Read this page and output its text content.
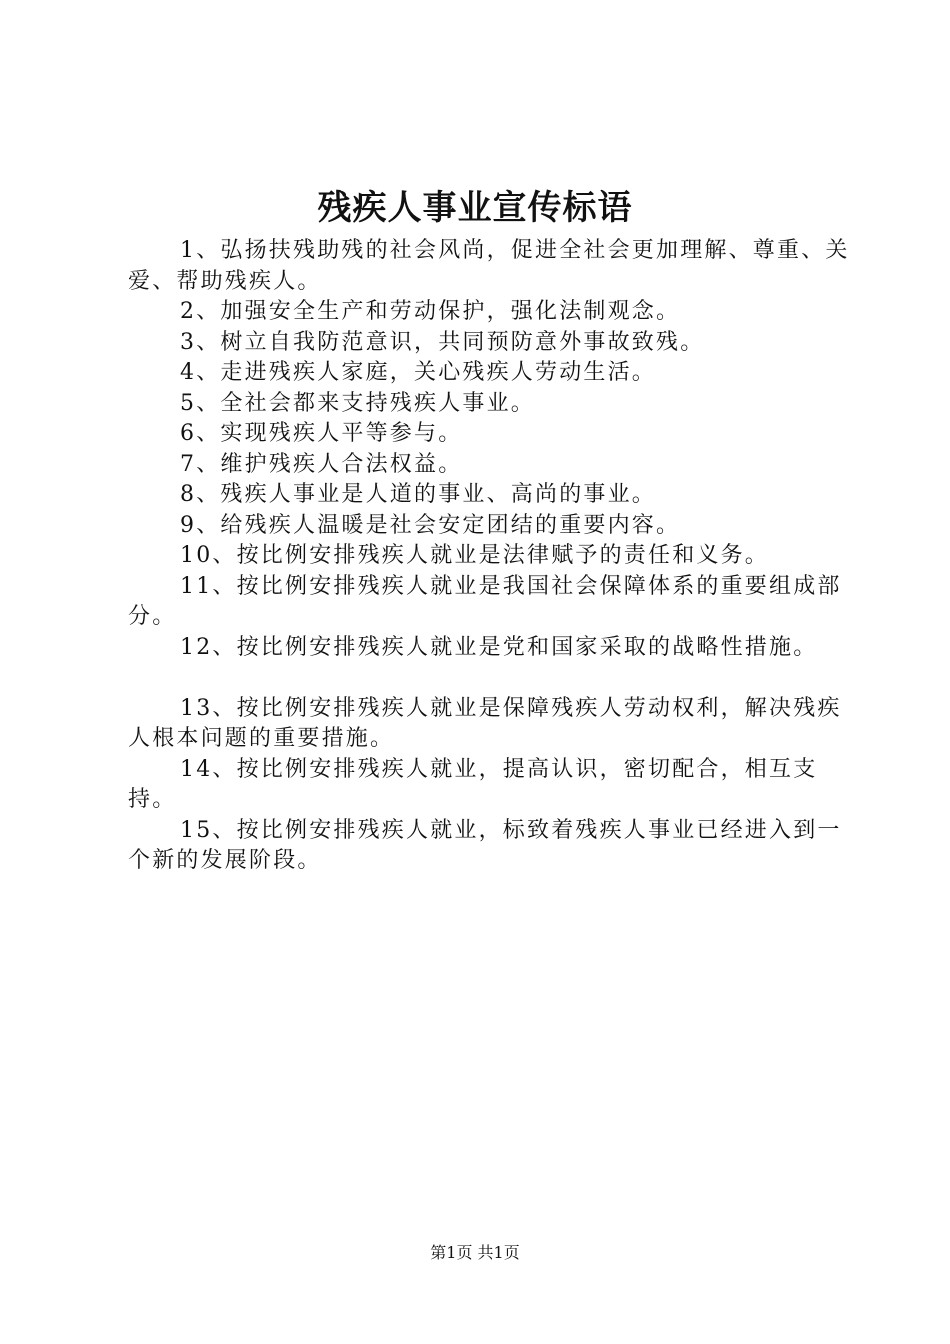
残疾人事业宣传标语

1、弘扬扶残助残的社会风尚，促进全社会更加理解、尊重、关爱、帮助残疾人。

2、加强安全生产和劳动保护，强化法制观念。

3、树立自我防范意识，共同预防意外事故致残。

4、走进残疾人家庭，关心残疾人劳动生活。

5、全社会都来支持残疾人事业。

6、实现残疾人平等参与。

7、维护残疾人合法权益。

8、残疾人事业是人道的事业、高尚的事业。

9、给残疾人温暖是社会安定团结的重要内容。

10、按比例安排残疾人就业是法律赋予的责任和义务。

11、按比例安排残疾人就业是我国社会保障体系的重要组成部分。

12、按比例安排残疾人就业是党和国家采取的战略性措施。

13、按比例安排残疾人就业是保障残疾人劳动权利，解决残疾人根本问题的重要措施。

14、按比例安排残疾人就业，提高认识，密切配合，相互支持。

15、按比例安排残疾人就业，标致着残疾人事业已经进入到一个新的发展阶段。

第1页 共1页
